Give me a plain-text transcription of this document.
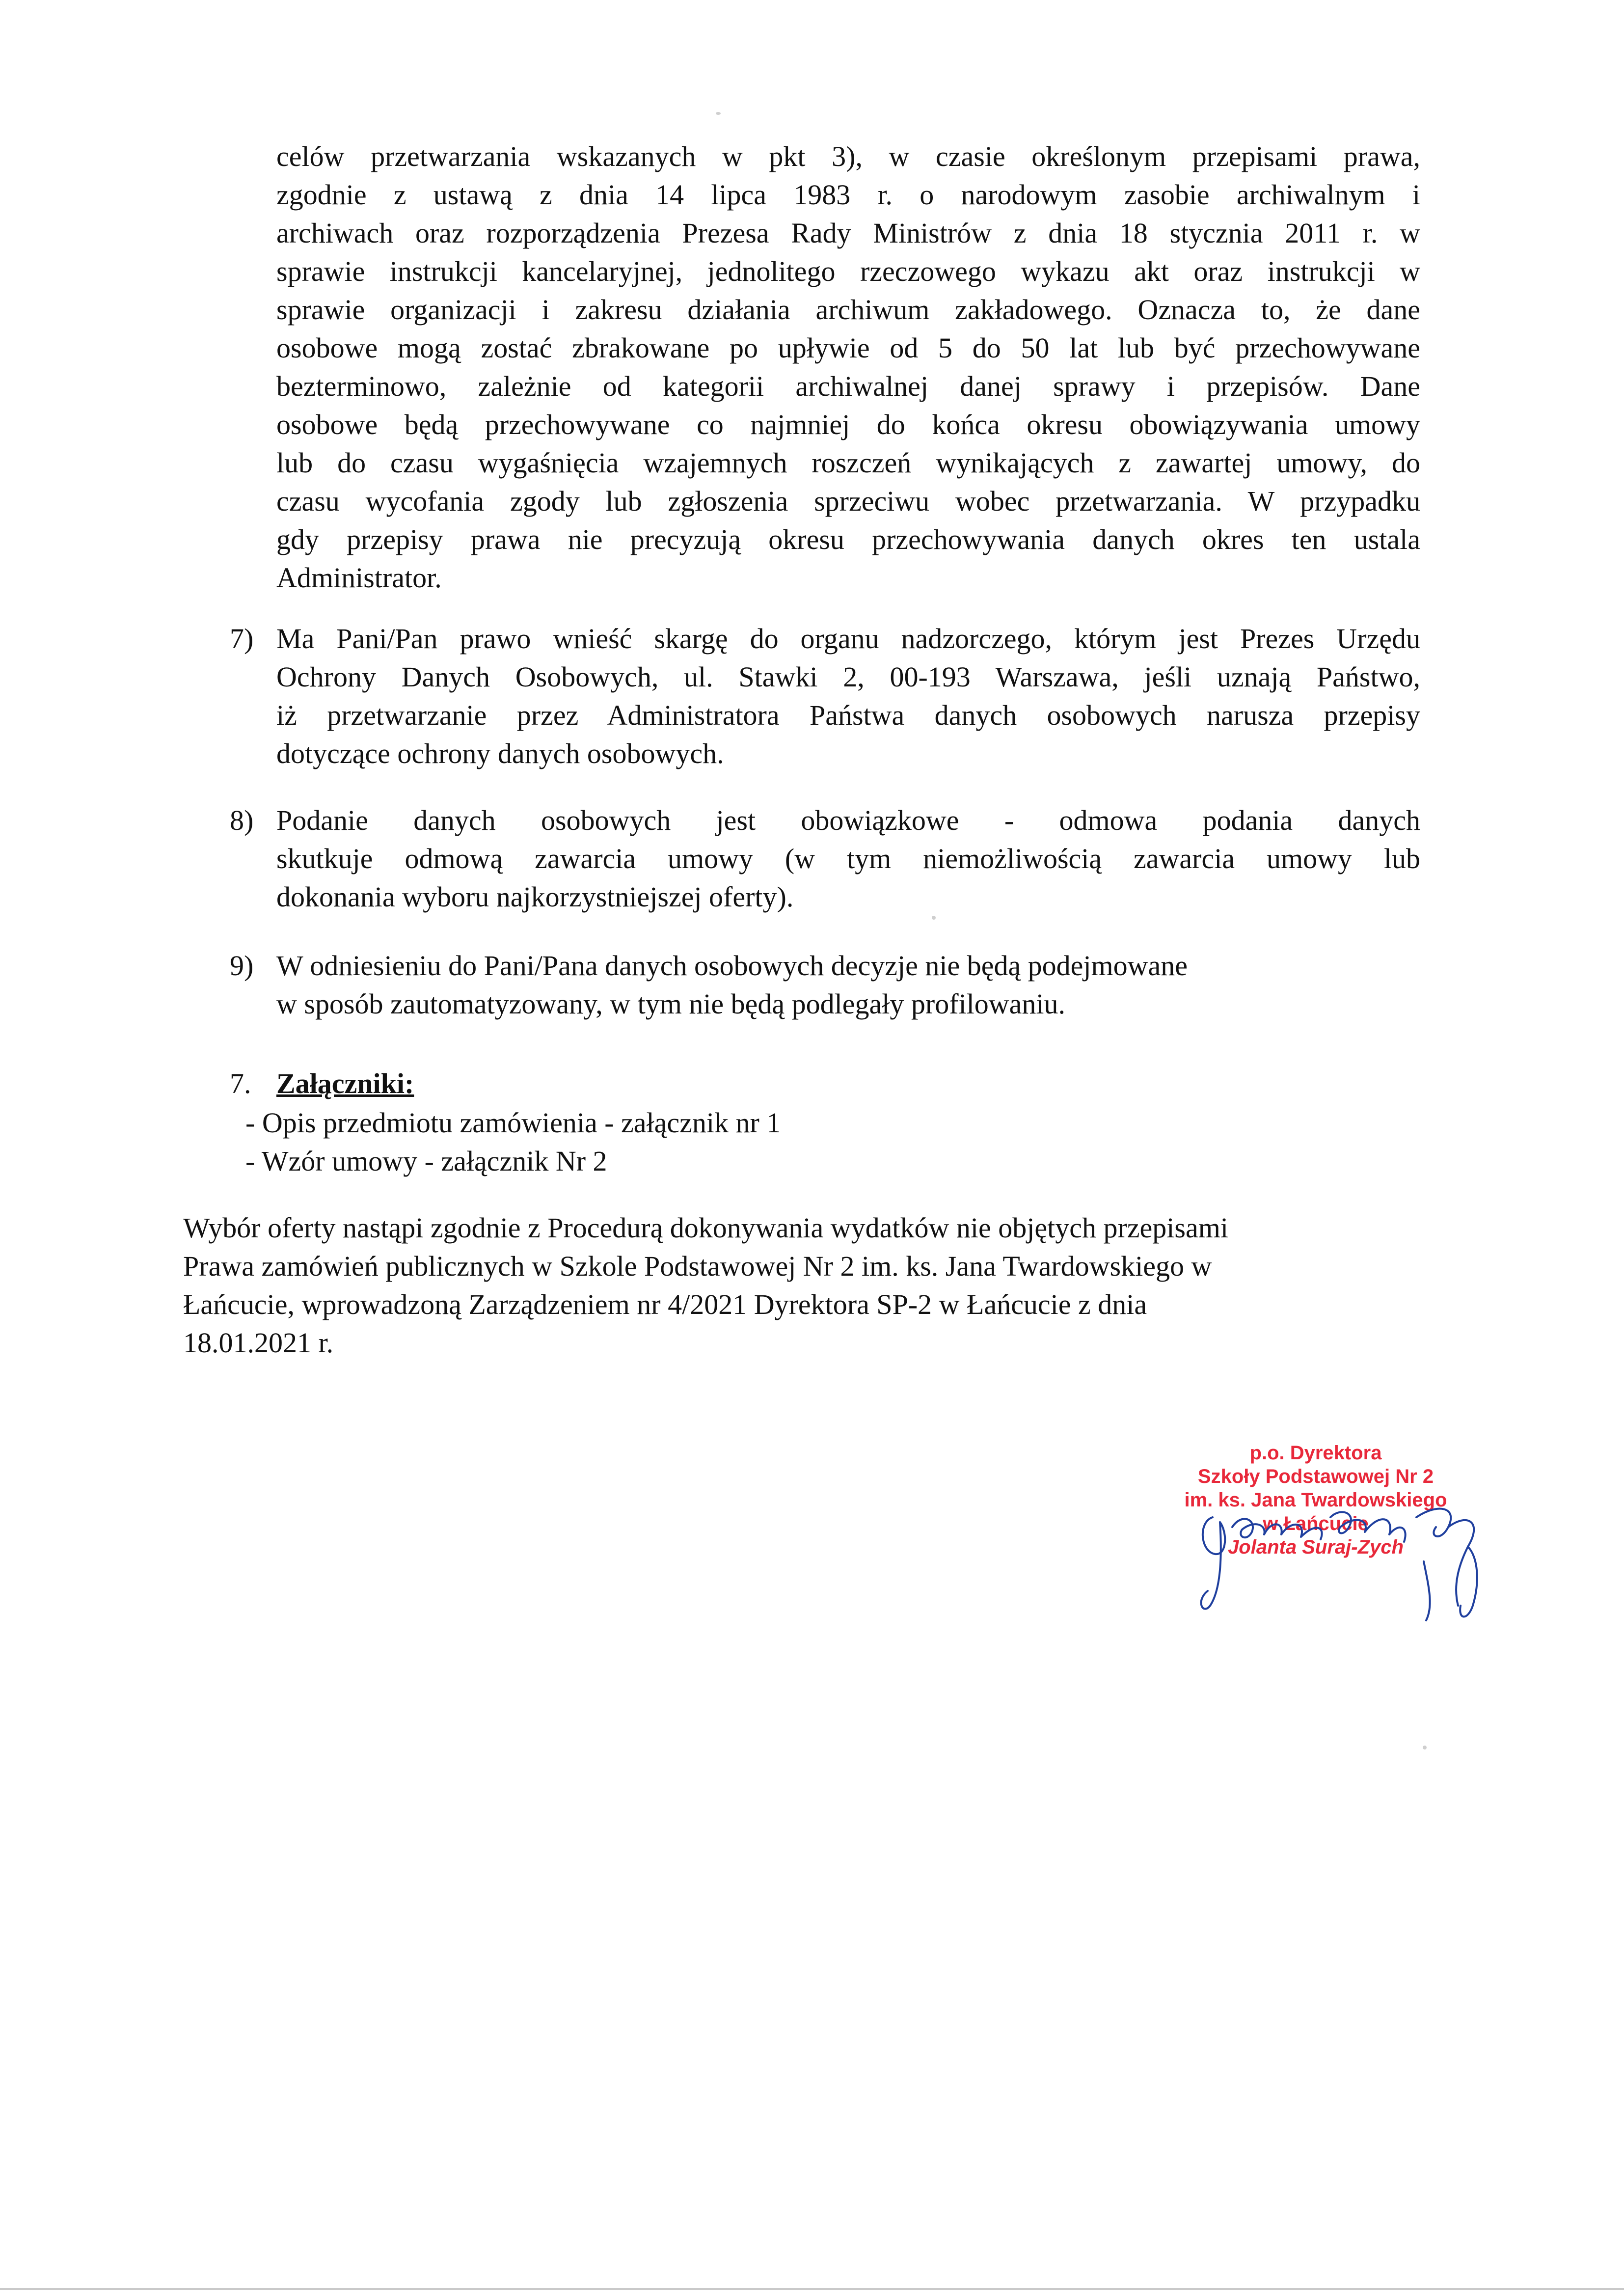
celów przetwarzania wskazanych w pkt 3), w czasie określonym przepisami prawa,
zgodnie z ustawą z dnia 14 lipca 1983 r. o narodowym zasobie archiwalnym i
archiwach oraz rozporządzenia Prezesa Rady Ministrów z dnia 18 stycznia 2011 r. w
sprawie instrukcji kancelaryjnej, jednolitego rzeczowego wykazu akt oraz instrukcji w
sprawie organizacji i zakresu działania archiwum zakładowego. Oznacza to, że dane
osobowe mogą zostać zbrakowane po upływie od 5 do 50 lat lub być przechowywane
bezterminowo, zależnie od kategorii archiwalnej danej sprawy i przepisów. Dane
osobowe będą przechowywane co najmniej do końca okresu obowiązywania umowy
lub do czasu wygaśnięcia wzajemnych roszczeń wynikających z zawartej umowy, do
czasu wycofania zgody lub zgłoszenia sprzeciwu wobec przetwarzania. W przypadku
gdy przepisy prawa nie precyzują okresu przechowywania danych okres ten ustala
Administrator.
7) Ma Pani/Pan prawo wnieść skargę do organu nadzorczego, którym jest Prezes Urzędu
Ochrony Danych Osobowych, ul. Stawki 2, 00-193 Warszawa, jeśli uznają Państwo,
iż przetwarzanie przez Administratora Państwa danych osobowych narusza przepisy
dotyczące ochrony danych osobowych.
8) Podanie danych osobowych jest obowiązkowe - odmowa podania danych
skutkuje odmową zawarcia umowy (w tym niemożliwością zawarcia umowy lub
dokonania wyboru najkorzystniejszej oferty).
9) W odniesieniu do Pani/Pana danych osobowych decyzje nie będą podejmowane
w sposób zautomatyzowany, w tym nie będą podlegały profilowaniu.
7. Załączniki:
- Opis przedmiotu zamówienia - załącznik nr 1
- Wzór umowy - załącznik Nr 2
Wybór oferty nastąpi zgodnie z Procedurą dokonywania wydatków nie objętych przepisami
Prawa zamówień publicznych w Szkole Podstawowej Nr 2 im. ks. Jana Twardowskiego w
Łańcucie, wprowadzoną Zarządzeniem nr 4/2021 Dyrektora SP-2 w Łańcucie z dnia
18.01.2021 r.
p.o. Dyrektora
Szkoły Podstawowej Nr 2
im. ks. Jana Twardowskiego
w Łańcucie
Jolanta Suraj-Zych
